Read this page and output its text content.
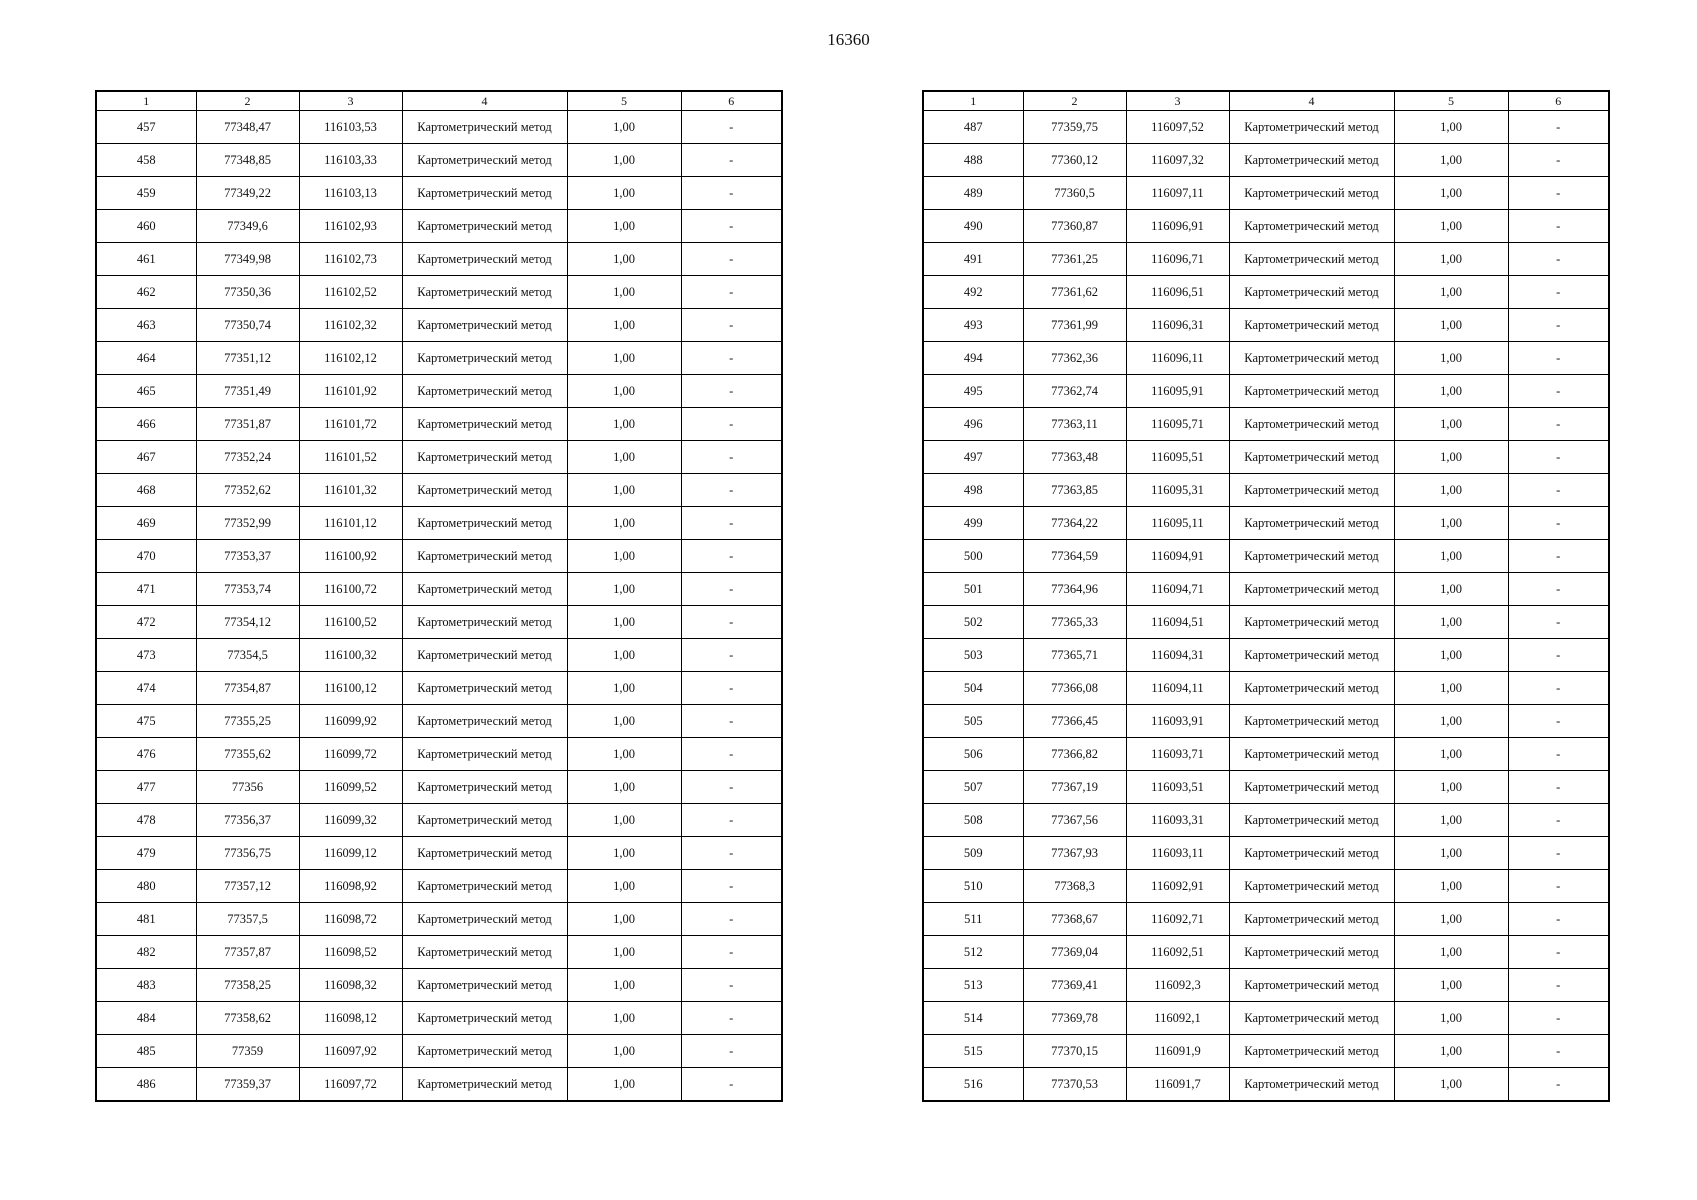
16360
1	2	3	4	5	6
457	77348,47	116103,53	Картометрический метод	1,00	-
458	77348,85	116103,33	Картометрический метод	1,00	-
459	77349,22	116103,13	Картометрический метод	1,00	-
460	77349,6	116102,93	Картометрический метод	1,00	-
461	77349,98	116102,73	Картометрический метод	1,00	-
462	77350,36	116102,52	Картометрический метод	1,00	-
463	77350,74	116102,32	Картометрический метод	1,00	-
464	77351,12	116102,12	Картометрический метод	1,00	-
465	77351,49	116101,92	Картометрический метод	1,00	-
466	77351,87	116101,72	Картометрический метод	1,00	-
467	77352,24	116101,52	Картометрический метод	1,00	-
468	77352,62	116101,32	Картометрический метод	1,00	-
469	77352,99	116101,12	Картометрический метод	1,00	-
470	77353,37	116100,92	Картометрический метод	1,00	-
471	77353,74	116100,72	Картометрический метод	1,00	-
472	77354,12	116100,52	Картометрический метод	1,00	-
473	77354,5	116100,32	Картометрический метод	1,00	-
474	77354,87	116100,12	Картометрический метод	1,00	-
475	77355,25	116099,92	Картометрический метод	1,00	-
476	77355,62	116099,72	Картометрический метод	1,00	-
477	77356	116099,52	Картометрический метод	1,00	-
478	77356,37	116099,32	Картометрический метод	1,00	-
479	77356,75	116099,12	Картометрический метод	1,00	-
480	77357,12	116098,92	Картометрический метод	1,00	-
481	77357,5	116098,72	Картометрический метод	1,00	-
482	77357,87	116098,52	Картометрический метод	1,00	-
483	77358,25	116098,32	Картометрический метод	1,00	-
484	77358,62	116098,12	Картометрический метод	1,00	-
485	77359	116097,92	Картометрический метод	1,00	-
486	77359,37	116097,72	Картометрический метод	1,00	-
1	2	3	4	5	6
487	77359,75	116097,52	Картометрический метод	1,00	-
488	77360,12	116097,32	Картометрический метод	1,00	-
489	77360,5	116097,11	Картометрический метод	1,00	-
490	77360,87	116096,91	Картометрический метод	1,00	-
491	77361,25	116096,71	Картометрический метод	1,00	-
492	77361,62	116096,51	Картометрический метод	1,00	-
493	77361,99	116096,31	Картометрический метод	1,00	-
494	77362,36	116096,11	Картометрический метод	1,00	-
495	77362,74	116095,91	Картометрический метод	1,00	-
496	77363,11	116095,71	Картометрический метод	1,00	-
497	77363,48	116095,51	Картометрический метод	1,00	-
498	77363,85	116095,31	Картометрический метод	1,00	-
499	77364,22	116095,11	Картометрический метод	1,00	-
500	77364,59	116094,91	Картометрический метод	1,00	-
501	77364,96	116094,71	Картометрический метод	1,00	-
502	77365,33	116094,51	Картометрический метод	1,00	-
503	77365,71	116094,31	Картометрический метод	1,00	-
504	77366,08	116094,11	Картометрический метод	1,00	-
505	77366,45	116093,91	Картометрический метод	1,00	-
506	77366,82	116093,71	Картометрический метод	1,00	-
507	77367,19	116093,51	Картометрический метод	1,00	-
508	77367,56	116093,31	Картометрический метод	1,00	-
509	77367,93	116093,11	Картометрический метод	1,00	-
510	77368,3	116092,91	Картометрический метод	1,00	-
511	77368,67	116092,71	Картометрический метод	1,00	-
512	77369,04	116092,51	Картометрический метод	1,00	-
513	77369,41	116092,3	Картометрический метод	1,00	-
514	77369,78	116092,1	Картометрический метод	1,00	-
515	77370,15	116091,9	Картометрический метод	1,00	-
516	77370,53	116091,7	Картометрический метод	1,00	-
